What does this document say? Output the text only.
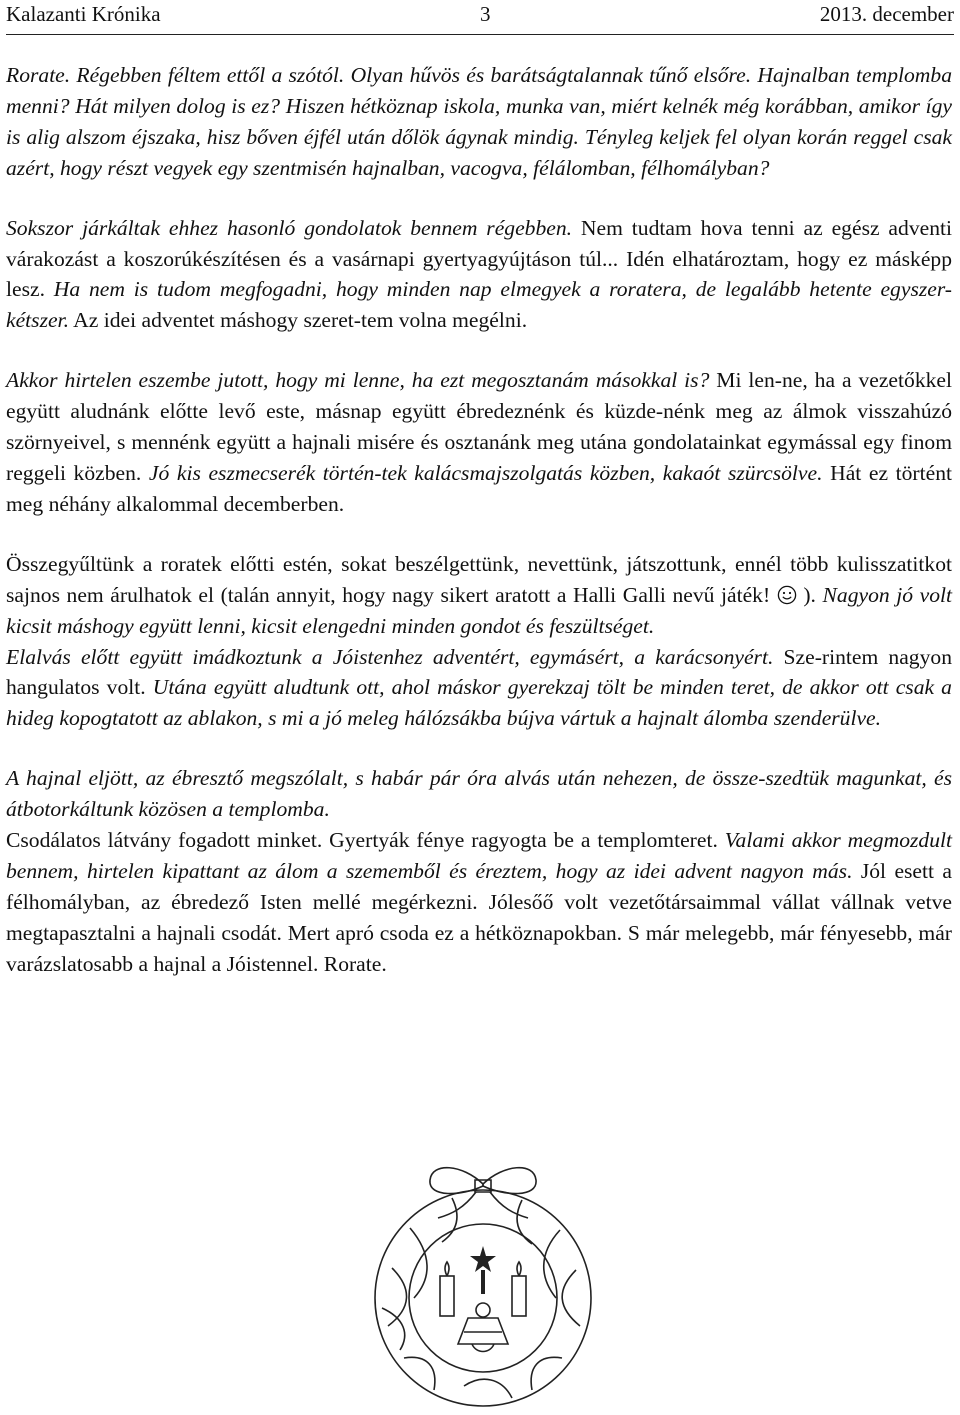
Kalazanti Krónika	3	2013. december

Rorate. Régebben féltem ettől a szótól. Olyan hűvös és barátságtalannak tűnő elsőre. Hajnalban templomba menni? Hát milyen dolog is ez? Hiszen hétköznap iskola, munka van, miért kelnék még korábban, amikor így is alig alszom éjszaka, hisz bőven éjfél után dőlök ágynak mindig. Tényleg keljek fel olyan korán reggel csak azért, hogy részt vegyek egy szentmisén hajnalban, vacogva, félálomban, félhomályban?

Sokszor járkáltak ehhez hasonló gondolatok bennem régebben. Nem tudtam hova tenni az egész adventi várakozást a koszorúkészítésen és a vasárnapi gyertyagyújtáson túl... Idén elhatároztam, hogy ez másképp lesz. Ha nem is tudom megfogadni, hogy minden nap elmegyek a roratera, de legalább hetente egyszer-kétszer. Az idei adventet máshogy szeret-tem volna megélni.

Akkor hirtelen eszembe jutott, hogy mi lenne, ha ezt megosztanám másokkal is? Mi len-ne, ha a vezetőkkel együtt aludnánk előtte levő este, másnap együtt ébredeznénk és küzde-nénk meg az álmok visszahúzó szörnyeivel, s mennénk együtt a hajnali misére és osztanánk meg utána gondolatainkat egymással egy finom reggeli közben. Jó kis eszmecserék történ-tek kalácsmajszolgatás közben, kakaót szürcsölve. Hát ez történt meg néhány alkalommal decemberben.

Összegyűltünk a roratek előtti estén, sokat beszélgettünk, nevettünk, játszottunk, ennél több kulisszatitkot sajnos nem árulhatok el (talán annyit, hogy nagy sikert aratott a Halli Galli nevű játék!  ). Nagyon jó volt kicsit máshogy együtt lenni, kicsit elengedni minden gondot és feszültséget.

Elalvás előtt együtt imádkoztunk a Jóistenhez adventért, egymásért, a karácsonyért. Sze-rintem nagyon hangulatos volt. Utána együtt aludtunk ott, ahol máskor gyerekzaj tölt be minden teret, de akkor ott csak a hideg kopogtatott az ablakon, s mi a jó meleg hálózsákba bújva vártuk a hajnalt álomba szenderülve.

A hajnal eljött, az ébresztő megszólalt, s habár pár óra alvás után nehezen, de össze-szedtük magunkat, és átbotorkáltunk közösen a templomba.

Csodálatos látvány fogadott minket. Gyertyák fénye ragyogta be a templomteret. Valami akkor megmozdult bennem, hirtelen kipattant az álom a szememből és éreztem, hogy az idei advent nagyon más. Jól esett a félhomályban, az ébredező Isten mellé megérkezni. Jólesőő volt vezetőtársaimmal vállat vállnak vetve megtapasztalni a hajnali csodát. Mert apró csoda ez a hétköznapokban. S már melegebb, már fényesebb, már varázslatosabb a hajnal a Jóistennel. Rorate.
